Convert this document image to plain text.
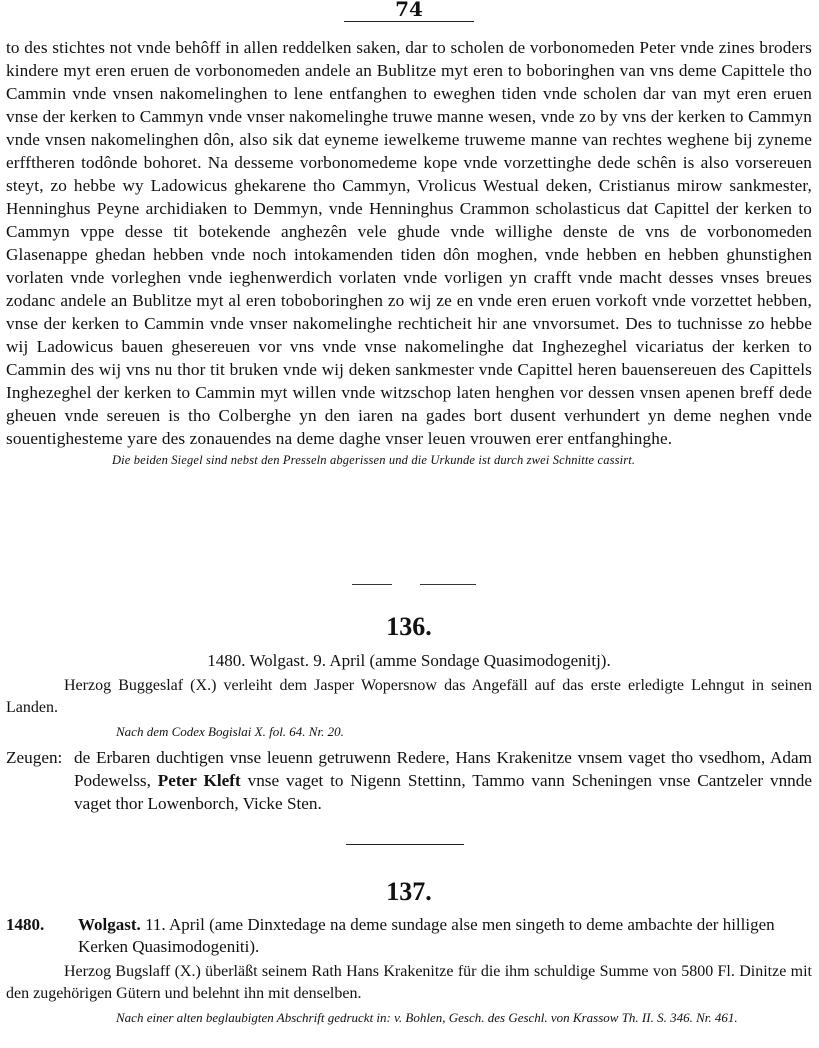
74

to des stichtes not vnde behôff in allen reddelken saken, dar to scholen de vorbonomeden Peter vnde zines broders kindere myt eren eruen de vorbonomeden andele an Bublitze myt eren to boboringhen van vns deme Capittele tho Cammin vnde vnsen nakomelinghen to lene entfanghen to eweghen tiden vnde scholen dar van myt eren eruen vnse der kerken to Cammyn vnde vnser nakomelinghe truwe manne wesen, vnde zo by vns der kerken to Cammyn vnde vnsen nakomelinghen dôn, also sik dat eyneme iewelkeme truweme manne van rechtes weghene bij zyneme erfftheren todônde bohoret. Na desseme vorbonomedeme kope vnde vorzettinghe dede schên is also vorsereuen steyt, zo hebbe wy Ladowicus ghekarene tho Cammyn, Vrolicus Westual deken, Cristianus mirow sankmester, Henninghus Peyne archidiaken to Demmyn, vnde Henninghus Crammon scholasticus dat Capittel der kerken to Cammyn vppe desse tit botekende anghezên vele ghude vnde willighe denste de vns de vorbonomeden Glasenappe ghedan hebben vnde noch intokamenden tiden dôn moghen, vnde hebben en hebben ghunstighen vorlaten vnde vorleghen vnde ieghenwerdich vorlaten vnde vorligen yn crafft vnde macht desses vnses breues zodanc andele an Bublitze myt al eren toboboringhen zo wij ze en vnde eren eruen vorkoft vnde vorzettet hebben, vnse der kerken to Cammin vnde vnser nakomelinghe rechticheit hir ane vnvorsumet. Des to tuchnisse zo hebbe wij Ladowicus bauen ghesereuen vor vns vnde vnse nakomelinghe dat Inghezeghel vicariatus der kerken to Cammin des wij vns nu thor tit bruken vnde wij deken sankmester vnde Capittel heren bauensereuen des Capittels Inghezeghel der kerken to Cammin myt willen vnde witzschop laten henghen vor dessen vnsen apenen breff dede gheuen vnde sereuen is tho Colberghe yn den iaren na gades bort dusent verhundert yn deme neghen vnde souentighesteme yare des zonauendes na deme daghe vnser leuen vrouwen erer entfanghinghe.

Die beiden Siegel sind nebst den Presseln abgerissen und die Urkunde ist durch zwei Schnitte cassirt.

136.
1480. Wolgast. 9. April (amme Sondage Quasimodogenitj).

Herzog Buggeslaf (X.) verleiht dem Jasper Wopersnow das Angefäll auf das erste erledigte Lehngut in seinen Landen.

Nach dem Codex Bogislai X. fol. 64. Nr. 20.
Zeugen: de Erbaren duchtigen vnse leuenn getruwenn Redere, Hans Krakenitze vnsem vaget tho vsedhom, Adam Podewelss, Peter Kleft vnse vaget to Nigenn Stettinn, Tammo vann Scheningen vnse Cantzeler vnnde vaget thor Lowenborch, Vicke Sten.
137.
1480. Wolgast. 11. April (ame Dinxtedage na deme sundage alse men singeth to deme ambachte der hilligen Kerken Quasimodogeniti).

Herzog Bugslaff (X.) überläßt seinem Rath Hans Krakenitze für die ihm schuldige Summe von 5800 Fl. Dinitze mit den zugehörigen Gütern und belehnt ihn mit denselben.

Nach einer alten beglaubigten Abschrift gedruckt in: v. Bohlen, Gesch. des Geschl. von Krassow Th. II. S. 346. Nr. 461.
